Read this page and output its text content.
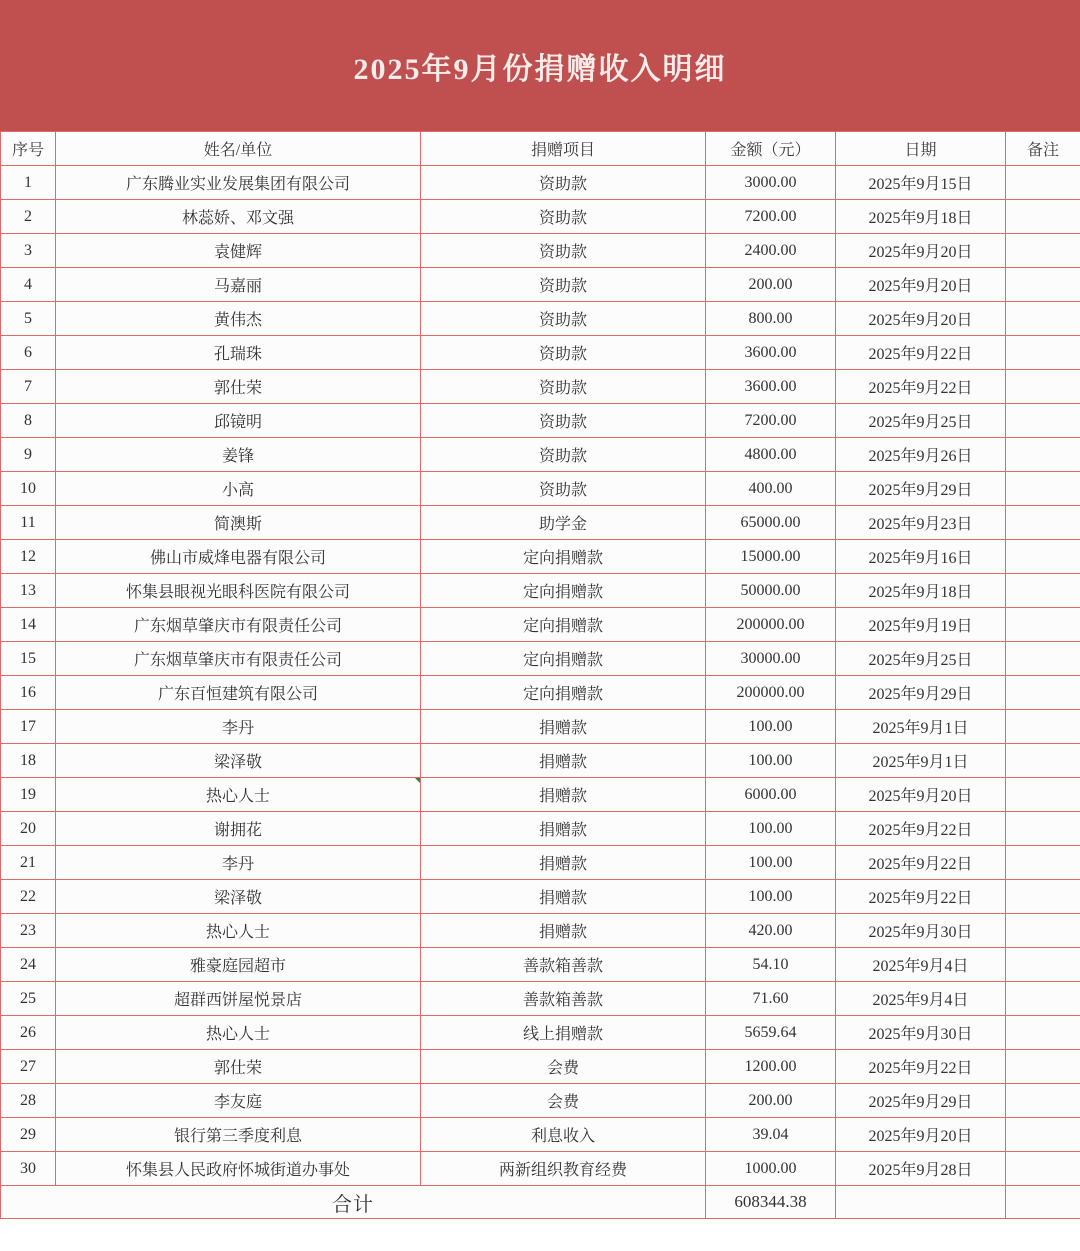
2025年9月份捐赠收入明细
序号	姓名/单位	捐赠项目	金额（元）	日期	备注
1	广东腾业实业发展集团有限公司	资助款	3000.00	2025年9月15日	
2	林蕊娇、邓文强	资助款	7200.00	2025年9月18日	
3	袁健辉	资助款	2400.00	2025年9月20日	
4	马嘉丽	资助款	200.00	2025年9月20日	
5	黄伟杰	资助款	800.00	2025年9月20日	
6	孔瑞珠	资助款	3600.00	2025年9月22日	
7	郭仕荣	资助款	3600.00	2025年9月22日	
8	邱镜明	资助款	7200.00	2025年9月25日	
9	姜锋	资助款	4800.00	2025年9月26日	
10	小高	资助款	400.00	2025年9月29日	
11	简澳斯	助学金	65000.00	2025年9月23日	
12	佛山市威烽电器有限公司	定向捐赠款	15000.00	2025年9月16日	
13	怀集县眼视光眼科医院有限公司	定向捐赠款	50000.00	2025年9月18日	
14	广东烟草肇庆市有限责任公司	定向捐赠款	200000.00	2025年9月19日	
15	广东烟草肇庆市有限责任公司	定向捐赠款	30000.00	2025年9月25日	
16	广东百恒建筑有限公司	定向捐赠款	200000.00	2025年9月29日	
17	李丹	捐赠款	100.00	2025年9月1日	
18	梁泽敬	捐赠款	100.00	2025年9月1日	
19	热心人士	捐赠款	6000.00	2025年9月20日	
20	谢拥花	捐赠款	100.00	2025年9月22日	
21	李丹	捐赠款	100.00	2025年9月22日	
22	梁泽敬	捐赠款	100.00	2025年9月22日	
23	热心人士	捐赠款	420.00	2025年9月30日	
24	雅豪庭园超市	善款箱善款	54.10	2025年9月4日	
25	超群西饼屋悦景店	善款箱善款	71.60	2025年9月4日	
26	热心人士	线上捐赠款	5659.64	2025年9月30日	
27	郭仕荣	会费	1200.00	2025年9月22日	
28	李友庭	会费	200.00	2025年9月29日	
29	银行第三季度利息	利息收入	39.04	2025年9月20日	
30	怀集县人民政府怀城街道办事处	两新组织教育经费	1000.00	2025年9月28日	
合计			608344.38		
